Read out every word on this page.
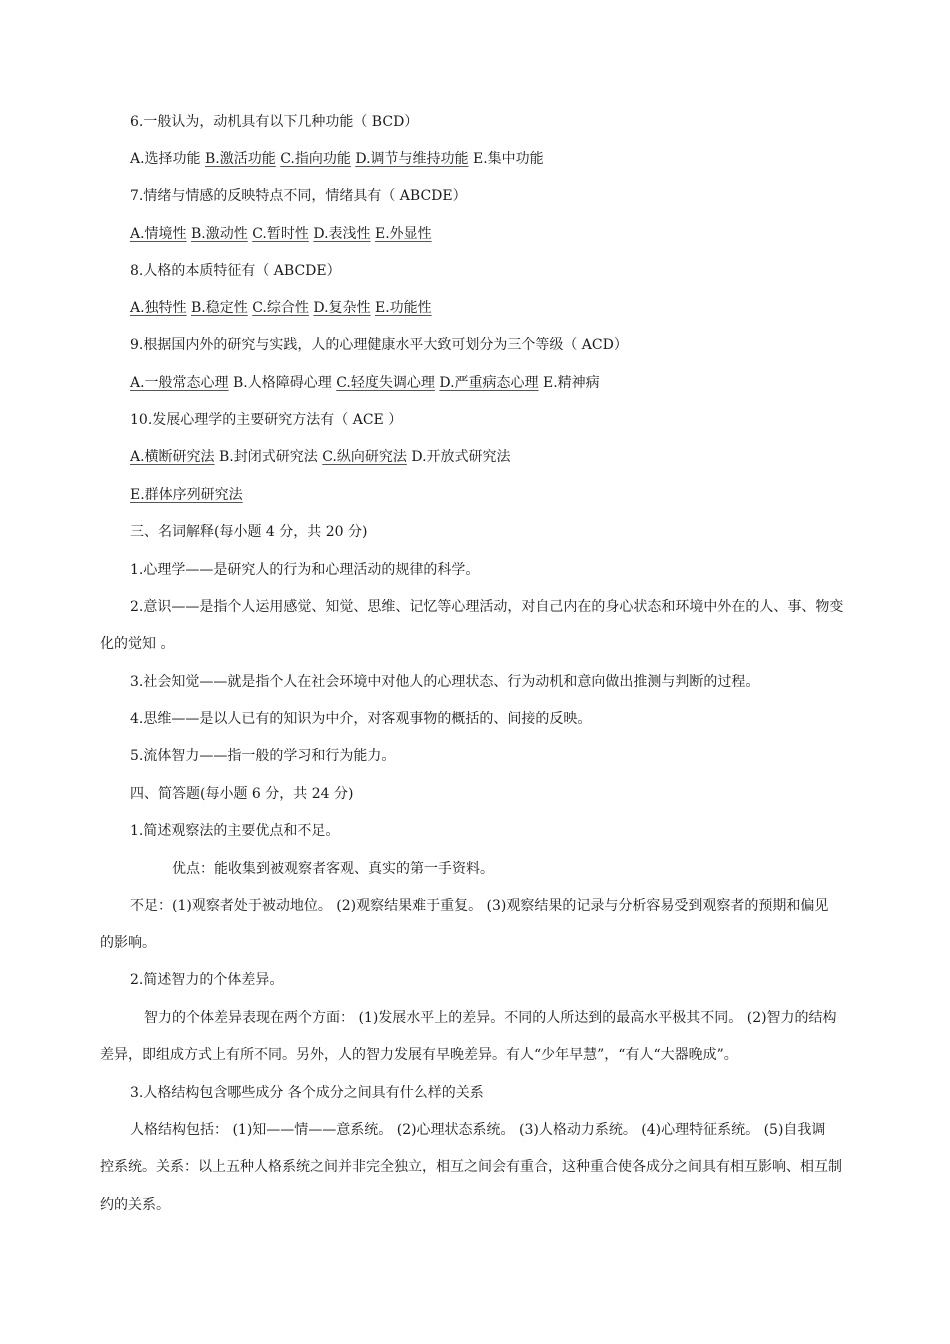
6.一般认为，动机具有以下几种功能（ BCD）
A.选择功能 B.激活功能 C.指向功能 D.调节与维持功能 E.集中功能
7.情绪与情感的反映特点不同，情绪具有（ ABCDE）
A.情境性 B.激动性 C.暂时性 D.表浅性 E.外显性
8.人格的本质特征有（ ABCDE）
A.独特性 B.稳定性 C.综合性 D.复杂性 E.功能性
9.根据国内外的研究与实践，人的心理健康水平大致可划分为三个等级（ ACD）
A.一般常态心理 B.人格障碍心理 C.轻度失调心理 D.严重病态心理 E.精神病
10.发展心理学的主要研究方法有（ ACE ）
A.横断研究法 B.封闭式研究法 C.纵向研究法 D.开放式研究法
E.群体序列研究法
三、名词解释(每小题 4 分，共 20 分)
1.心理学——是研究人的行为和心理活动的规律的科学。
2.意识——是指个人运用感觉、知觉、思维、记忆等心理活动，对自己内在的身心状态和环境中外在的人、事、物变
化的觉知 。
3.社会知觉——就是指个人在社会环境中对他人的心理状态、行为动机和意向做出推测与判断的过程。
4.思维——是以人已有的知识为中介，对客观事物的概括的、间接的反映。
5.流体智力——指一般的学习和行为能力。
四、简答题(每小题 6 分，共 24 分)
1.简述观察法的主要优点和不足。
优点：能收集到被观察者客观、真实的第一手资料。
不足：(1)观察者处于被动地位。 (2)观察结果难于重复。 (3)观察结果的记录与分析容易受到观察者的预期和偏见
的影响。
2.简述智力的个体差异。
智力的个体差异表现在两个方面： (1)发展水平上的差异。不同的人所达到的最高水平极其不同。 (2)智力的结构
差异，即组成方式上有所不同。另外，人的智力发展有早晚差异。有人“少年早慧”，“有人“大器晚成”。
3.人格结构包含哪些成分 各个成分之间具有什么样的关系
人格结构包括： (1)知——情——意系统。 (2)心理状态系统。 (3)人格动力系统。 (4)心理特征系统。 (5)自我调
控系统。关系：以上五种人格系统之间并非完全独立，相互之间会有重合，这种重合使各成分之间具有相互影响、相互制
约的关系。
